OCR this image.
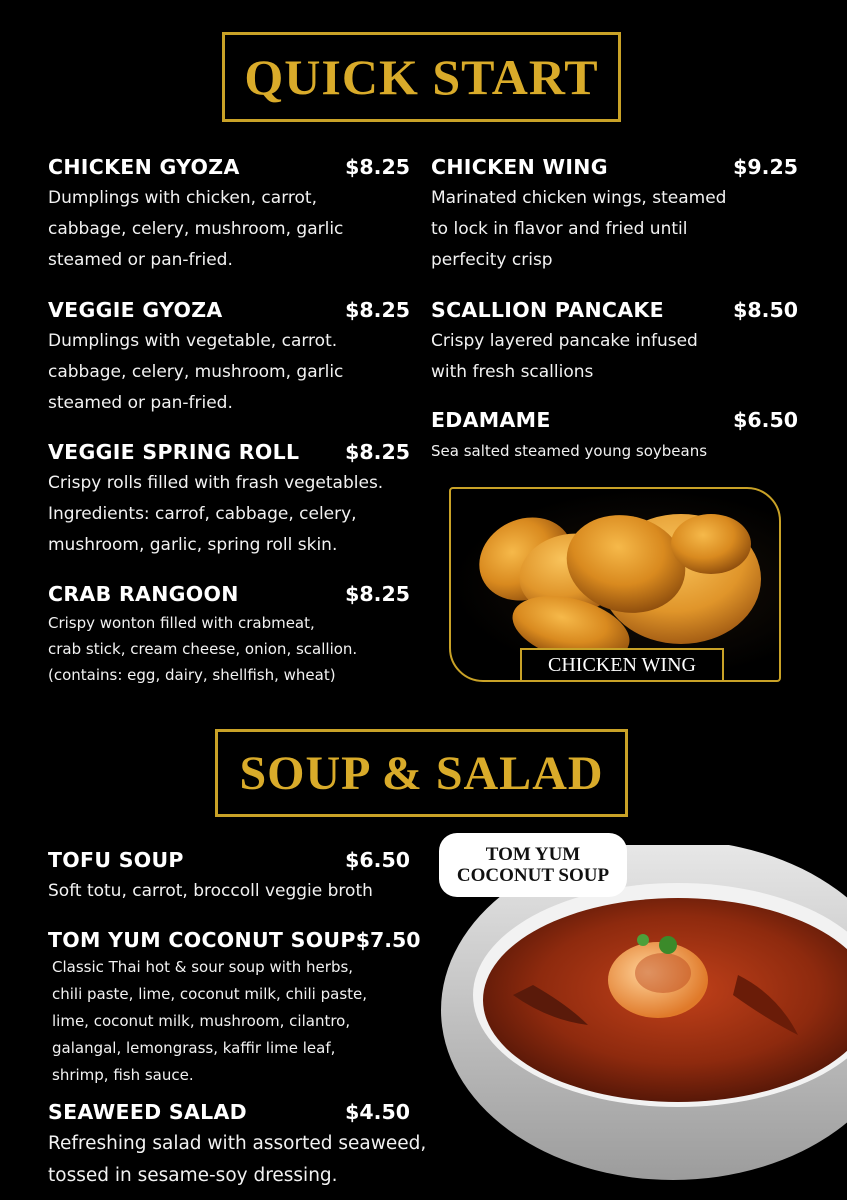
QUICK START
SOUP & SALAD
CHICKEN GYOZA	$8.25
Dumplings with chicken, carrot,
cabbage, celery, mushroom, garlic
steamed or pan-fried.
VEGGIE GYOZA	$8.25
Dumplings with vegetable, carrot.
cabbage, celery, mushroom, garlic
steamed or pan-fried.
VEGGIE SPRING ROLL $8.25
Crispy rolls filled with frash vegetables.
Ingredients: carrof, cabbage, celery,
mushroom, garlic, spring roll skin.
CRAB RANGOON	$8.25
Crispy wonton filled with crabmeat,
crab stick, cream cheese, onion, scallion.
(contains: egg, dairy, shellfish, wheat)
CHICKEN WING	$9.25
Marinated chicken wings, steamed
to lock in flavor and fried until
perfecity crisp
SCALLION PANCAKE	$8.50
Crispy layered pancake infused
with fresh scallions
EDAMAME	$6.50
Sea salted steamed young soybeans
CHICKEN WING
TOFU SOUP	$6.50
Soft totu, carrot, broccoll veggie broth
TOM YUM COCONUT SOUP $7.50
Classic Thai hot & sour soup with herbs,
chili paste, lime, coconut milk, chili paste,
lime, coconut milk, mushroom, cilantro,
galangal, lemongrass, kaffir lime leaf,
shrimp, fish sauce.
SEAWEED SALAD	$4.50
Refreshing salad with assorted seaweed,
tossed in sesame-soy dressing.
TOM YUM
COCONUT SOUP
